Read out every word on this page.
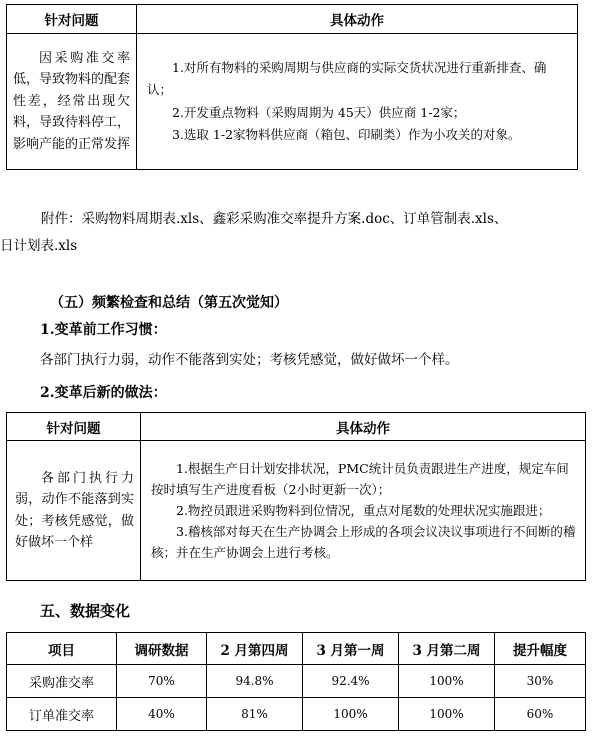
针对问题	具体动作
因采购准交率低，导致物料的配套性差，经常出现欠料，导致待料停工，影响产能的正常发挥	1.对所有物料的采购周期与供应商的实际交货状况进行重新排查、确认；
2.开发重点物料（采购周期为 45天）供应商 1-2家；
3.选取 1-2家物料供应商（箱包、印刷类）作为小攻关的对象。

附件：采购物料周期表.xls、鑫彩采购准交率提升方案.doc、订单管制表.xls、

日计划表.xls

（五）频繁检查和总结（第五次觉知）
1.变革前工作习惯：
各部门执行力弱，动作不能落到实处；考核凭感觉，做好做坏一个样。
2.变革后新的做法：
针对问题	具体动作
各部门执行力弱，动作不能落到实处；考核凭感觉，做好做坏一个样	1.根据生产日计划安排状况，PMC统计员负责跟进生产进度，规定车间按时填写生产进度看板（2小时更新一次）；
2.物控员跟进采购物料到位情况，重点对尾数的处理状况实施跟进；
3.稽核部对每天在生产协调会上形成的各项会议决议事项进行不间断的稽核；并在生产协调会上进行考核。
五、数据变化
项目	调研数据	2 月第四周	3 月第一周	3 月第二周	提升幅度
采购准交率	70%	94.8%	92.4%	100%	30%
订单准交率	40%	81%	100%	100%	60%
